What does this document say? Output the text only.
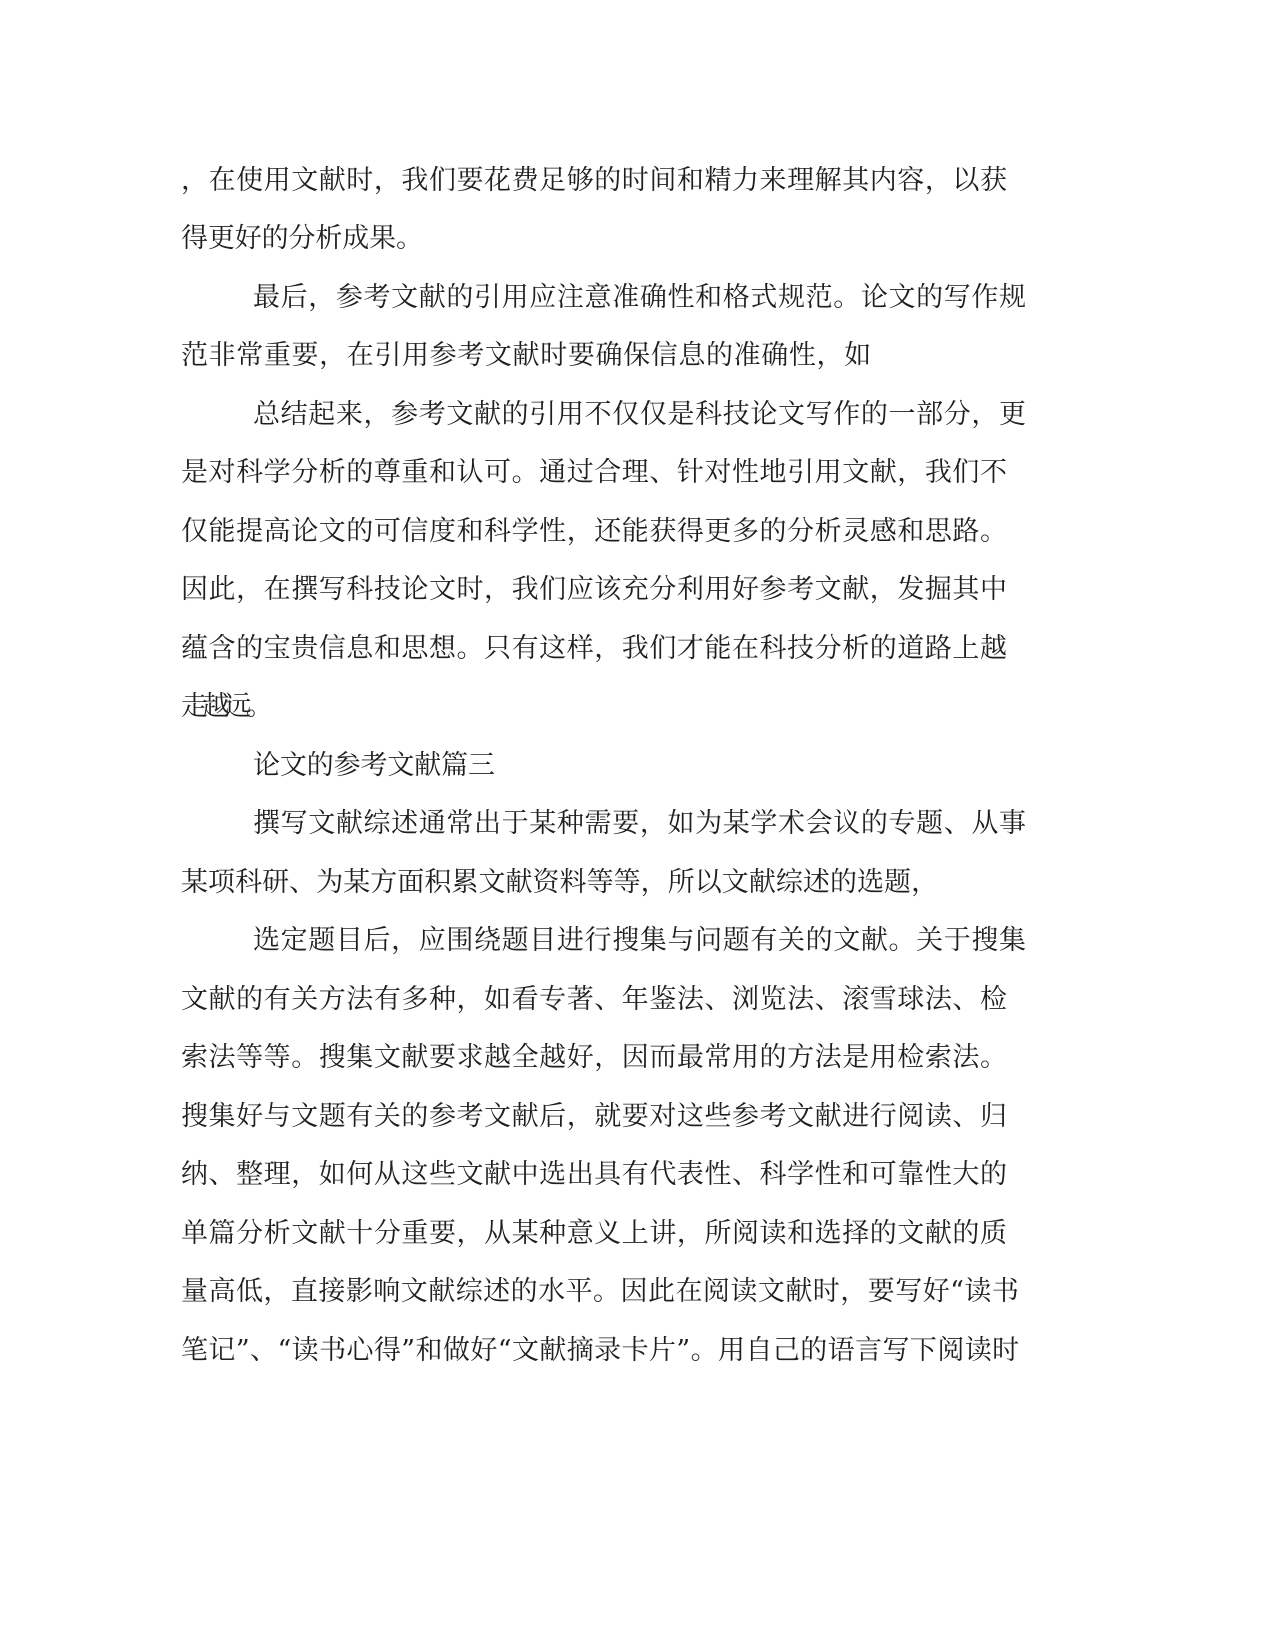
，在使用文献时，我们要花费足够的时间和精力来理解其内容，以获
得更好的分析成果。
最后，参考文献的引用应注意准确性和格式规范。论文的写作规
范非常重要，在引用参考文献时要确保信息的准确性，如
总结起来，参考文献的引用不仅仅是科技论文写作的一部分，更
是对科学分析的尊重和认可。通过合理、针对性地引用文献，我们不
仅能提高论文的可信度和科学性，还能获得更多的分析灵感和思路。
因此，在撰写科技论文时，我们应该充分利用好参考文献，发掘其中
蕴含的宝贵信息和思想。只有这样，我们才能在科技分析的道路上越
走越远。
论文的参考文献篇三
撰写文献综述通常出于某种需要，如为某学术会议的专题、从事
某项科研、为某方面积累文献资料等等，所以文献综述的选题，
选定题目后，应围绕题目进行搜集与问题有关的文献。关于搜集
文献的有关方法有多种，如看专著、年鉴法、浏览法、滚雪球法、检
索法等等。搜集文献要求越全越好，因而最常用的方法是用检索法。
搜集好与文题有关的参考文献后，就要对这些参考文献进行阅读、归
纳、整理，如何从这些文献中选出具有代表性、科学性和可靠性大的
单篇分析文献十分重要，从某种意义上讲，所阅读和选择的文献的质
量高低，直接影响文献综述的水平。因此在阅读文献时，要写好“读书
笔记”、“读书心得”和做好“文献摘录卡片”。用自己的语言写下阅读时
